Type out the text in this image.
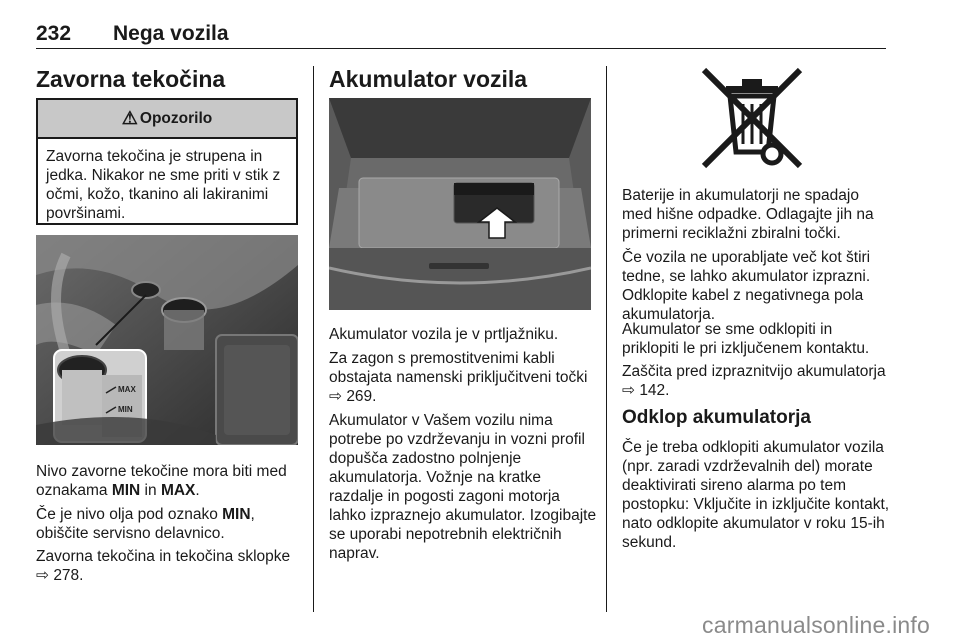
232 Nega vozila
Zavorna tekočina
⚠ Opozorilo
Zavorna tekočina je strupena in jedka. Nikakor ne sme priti v stik z očmi, kožo, tkanino ali lakiranimi površinami.
MAX
MIN
Nivo zavorne tekočine mora biti med oznakama MIN in MAX.
Če je nivo olja pod oznako MIN, obiščite servisno delavnico.
Zavorna tekočina in tekočina sklopke
⇨ 278.
Akumulator vozila
Akumulator vozila je v prtljažniku.
Za zagon s premostitvenimi kabli obstajata namenski priključitveni točki ⇨ 269.
Akumulator v Vašem vozilu nima potrebe po vzdrževanju in vozni profil dopušča zadostno polnjenje akumulatorja. Vožnje na kratke razdalje in pogosti zagoni motorja lahko izpraznejo akumulator. Izogibajte se uporabi nepotrebnih električnih naprav.
Baterije in akumulatorji ne spadajo med hišne odpadke. Odlagajte jih na primerni reciklažni zbiralni točki.
Če vozila ne uporabljate več kot štiri tedne, se lahko akumulator izprazni. Odklopite kabel z negativnega pola akumulatorja.
Akumulator se sme odklopiti in priklopiti le pri izključenem kontaktu.
Zaščita pred izpraznitvijo akumulatorja ⇨ 142.
Odklop akumulatorja
Če je treba odklopiti akumulator vozila (npr. zaradi vzdrževalnih del) morate deaktivirati sireno alarma po tem postopku: Vključite in izključite kontakt, nato odklopite akumulator v roku 15-ih sekund.
carmanualsonline.info
